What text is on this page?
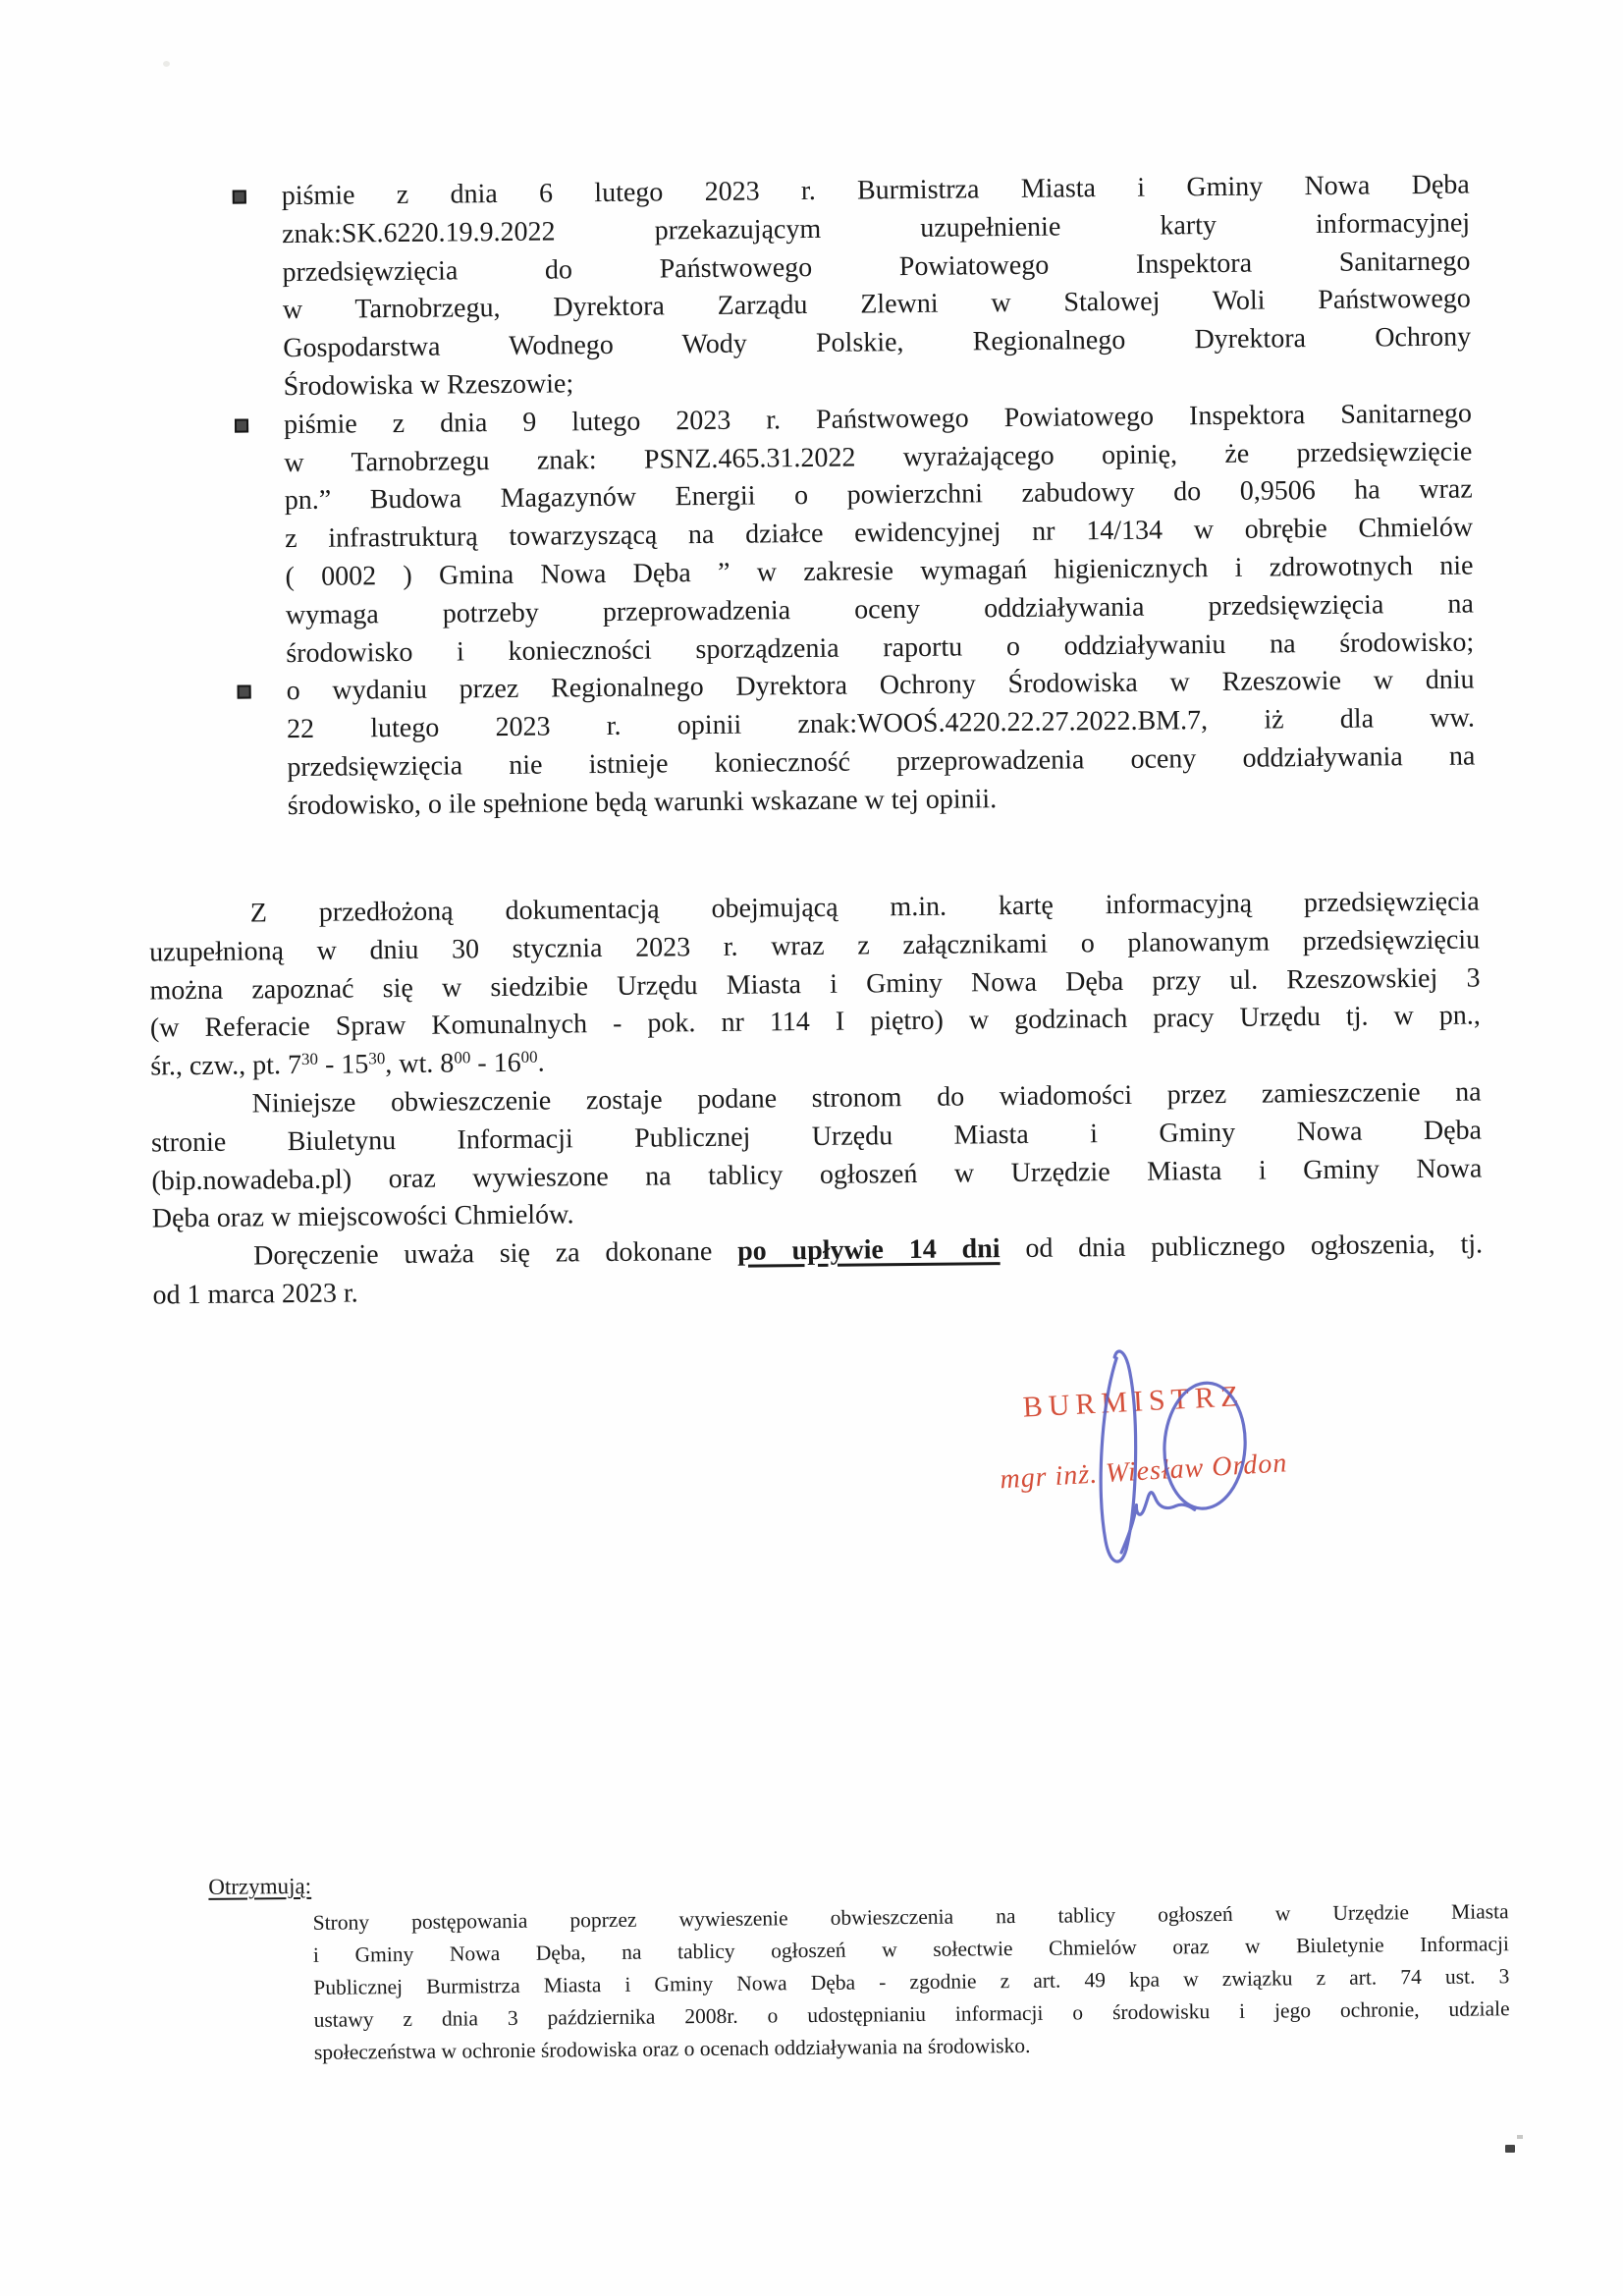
piśmie z dnia 6 lutego 2023 r. Burmistrza Miasta i Gminy Nowa Dęba
znak:SK.6220.19.9.2022 przekazującym uzupełnienie karty informacyjnej
przedsięwzięcia do Państwowego Powiatowego Inspektora Sanitarnego
w Tarnobrzegu, Dyrektora Zarządu Zlewni w Stalowej Woli Państwowego
Gospodarstwa Wodnego Wody Polskie, Regionalnego Dyrektora Ochrony
Środowiska w Rzeszowie;
piśmie z dnia 9 lutego 2023 r. Państwowego Powiatowego Inspektora Sanitarnego
w Tarnobrzegu znak: PSNZ.465.31.2022 wyrażającego opinię, że przedsięwzięcie
pn.” Budowa Magazynów Energii o powierzchni zabudowy do 0,9506 ha wraz
z infrastrukturą towarzyszącą na działce ewidencyjnej nr 14/134 w obrębie Chmielów
( 0002 ) Gmina Nowa Dęba ” w zakresie wymagań higienicznych i zdrowotnych nie
wymaga potrzeby przeprowadzenia oceny oddziaływania przedsięwzięcia na
środowisko i konieczności sporządzenia raportu o oddziaływaniu na środowisko;
o wydaniu przez Regionalnego Dyrektora Ochrony Środowiska w Rzeszowie w dniu
22 lutego 2023 r. opinii znak:WOOŚ.4220.22.27.2022.BM.7, iż dla ww.
przedsięwzięcia nie istnieje konieczność przeprowadzenia oceny oddziaływania na
środowisko, o ile spełnione będą warunki wskazane w tej opinii.
Z przedłożoną dokumentacją obejmującą m.in. kartę informacyjną przedsięwzięcia
uzupełnioną w dniu 30 stycznia 2023 r. wraz z załącznikami o planowanym przedsięwzięciu
można zapoznać się w siedzibie Urzędu Miasta i Gminy Nowa Dęba przy ul. Rzeszowskiej 3
(w Referacie Spraw Komunalnych - pok. nr 114 I piętro) w godzinach pracy Urzędu tj. w pn.,
śr., czw., pt. $7^{30} - 15^{30}$, wt. $8^{00} - 16^{00}$.
Niniejsze obwieszczenie zostaje podane stronom do wiadomości przez zamieszczenie na
stronie Biuletynu Informacji Publicznej Urzędu Miasta i Gminy Nowa Dęba
(bip.nowadeba.pl) oraz wywieszone na tablicy ogłoszeń w Urzędzie Miasta i Gminy Nowa
Dęba oraz w miejscowości Chmielów.
Doręczenie uważa się za dokonane po upływie 14 dni od dnia publicznego ogłoszenia, tj.
od 1 marca 2023 r.
BURMISTRZ
mgr inż. Wiesław Ordon
Otrzymują:
Strony postępowania poprzez wywieszenie obwieszczenia na tablicy ogłoszeń w Urzędzie Miasta
i Gminy Nowa Dęba, na tablicy ogłoszeń w sołectwie Chmielów oraz w Biuletynie Informacji
Publicznej Burmistrza Miasta i Gminy Nowa Dęba - zgodnie z art. 49 kpa w związku z art. 74 ust. 3
ustawy z dnia 3 października 2008r. o udostępnianiu informacji o środowisku i jego ochronie, udziale
społeczeństwa w ochronie środowiska oraz o ocenach oddziaływania na środowisko.
